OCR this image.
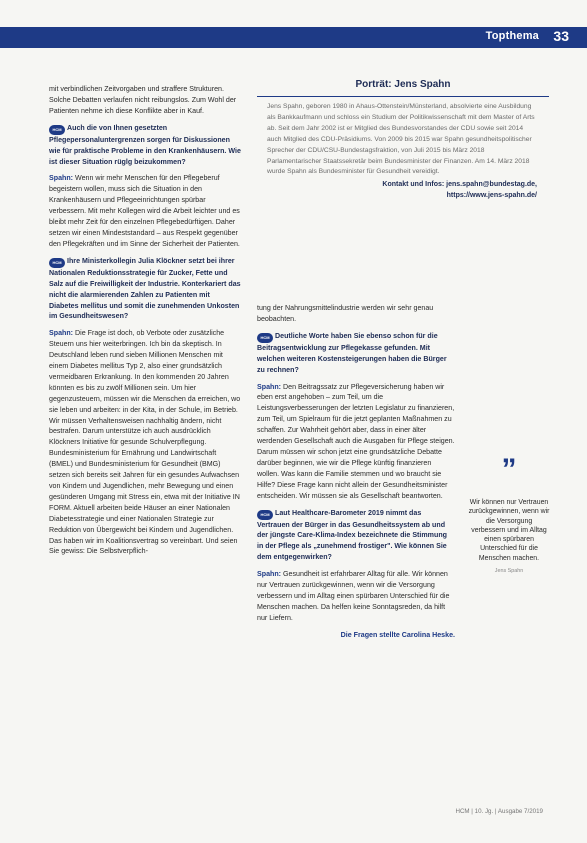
Topthema 33

mit verbindlichen Zeitvorgaben und straffere Strukturen. Solche Debatten verlaufen nicht reibungslos. Zum Wohl der Patienten nehme ich diese Konflikte aber in Kauf.

HCM Auch die von Ihnen gesetzten Pflegepersonaluntergrenzen sorgen für Diskussionen wie für praktische Probleme in den Krankenhäusern. Wie ist dieser Situation rüglg beizukommen?

Spahn: Wenn wir mehr Menschen für den Pflegeberuf begeistern wollen, muss sich die Situation in den Krankenhäusern und Pflegeeinrichtungen spürbar verbessern. Mit mehr Kollegen wird die Arbeit leichter und es bleibt mehr Zeit für den einzelnen Pflegebedürftigen. Daher setzen wir einen Mindeststandard – aus Respekt gegenüber den Pflegekräften und im Sinne der Sicherheit der Patienten.

HCM Ihre Ministerkollegin Julia Klöckner setzt bei ihrer Nationalen Reduktionsstrategie für Zucker, Fette und Salz auf die Freiwilligkeit der Industrie. Konterkariert das nicht die alarmierenden Zahlen zu Patienten mit Diabetes mellitus und somit die zunehmenden Unkosten im Gesundheitswesen?

Spahn: Die Frage ist doch, ob Verbote oder zusätzliche Steuern uns hier weiterbringen. Ich bin da skeptisch. In Deutschland leben rund sieben Millionen Menschen mit einem Diabetes mellitus Typ 2, also einer grundsätzlich vermeidbaren Erkrankung. In den kommenden 20 Jahren könnten es bis zu zwölf Millionen sein. Um hier gegenzusteuern, müssen wir die Menschen da erreichen, wo sie leben und arbeiten: in der Kita, in der Schule, im Betrieb. Wir müssen Verhaltensweisen nachhaltig ändern, nicht bestrafen. Darum unterstütze ich auch ausdrücklich Klöckners Initiative für gesunde Schulverpflegung. Bundesministerium für Ernährung und Landwirtschaft (BMEL) und Bundesministerium für Gesundheit (BMG) setzen sich bereits seit Jahren für ein gesundes Aufwachsen von Kindern und Jugendlichen, mehr Bewegung und einen gesünderen Umgang mit Stress ein, etwa mit der Initiative IN FORM. Aktuell arbeiten beide Häuser an einer Nationalen Diabetesstrategie und einer Nationalen Strategie zur Reduktion von Übergewicht bei Kindern und Jugendlichen. Das haben wir im Koalitionsvertrag so vereinbart. Und seien Sie gewiss: Die Selbstverpflich-

Porträt: Jens Spahn
Jens Spahn, geboren 1980 in Ahaus-Ottenstein/Münsterland, absolvierte eine Ausbildung als Bankkaufmann und schloss ein Studium der Politikwissenschaft mit dem Master of Arts ab. Seit dem Jahr 2002 ist er Mitglied des Bundesvorstandes der CDU sowie seit 2014 auch Mitglied des CDU-Präsidiums. Von 2009 bis 2015 war Spahn gesundheitspolitischer Sprecher der CDU/CSU-Bundestagsfraktion, von Juli 2015 bis März 2018 Parlamentarischer Staatssekretär beim Bundesminister der Finanzen. Am 14. März 2018 wurde Spahn als Bundesminister für Gesundheit vereidigt.
Kontakt und Infos: jens.spahn@bundestag.de,
https://www.jens-spahn.de/

tung der Nahrungsmittelindustrie werden wir sehr genau beobachten.

HCM Deutliche Worte haben Sie ebenso schon für die Beitragsentwicklung zur Pflegekasse gefunden. Mit welchen weiteren Kostensteigerungen haben die Bürger zu rechnen?

Spahn: Den Beitragssatz zur Pflegeversicherung haben wir eben erst angehoben – zum Teil, um die Leistungsverbesserungen der letzten Legislatur zu finanzieren, zum Teil, um Spielraum für die jetzt geplanten Maßnahmen zu schaffen. Zur Wahrheit gehört aber, dass in einer älter werdenden Gesellschaft auch die Ausgaben für Pflege steigen. Darum müssen wir schon jetzt eine grundsätzliche Debatte darüber beginnen, wie wir die Pflege künftig finanzieren wollen. Was kann die Familie stemmen und wo braucht sie Hilfe? Diese Frage kann nicht allein der Gesundheitsminister entscheiden. Wir müssen sie als Gesellschaft beantworten.

HCM Laut Healthcare-Barometer 2019 nimmt das Vertrauen der Bürger in das Gesundheitssystem ab und der jüngste Care-Klima-Index bezeichnete die Stimmung in der Pflege als „zunehmend frostiger". Wie können Sie dem entgegenwirken?

Spahn: Gesundheit ist erfahrbarer Alltag für alle. Wir können nur Vertrauen zurückgewinnen, wenn wir die Versorgung verbessern und im Alltag einen spürbaren Unterschied für die Menschen machen. Da helfen keine Sonntagsreden, da hilft nur Liefern.

Die Fragen stellte Carolina Heske.

”
Wir können nur Vertrauen zurückgewinnen, wenn wir die Versorgung verbessern und im Alltag einen spürbaren Unterschied für die Menschen machen.
Jens Spahn
HCM | 10. Jg. | Ausgabe 7/2019
